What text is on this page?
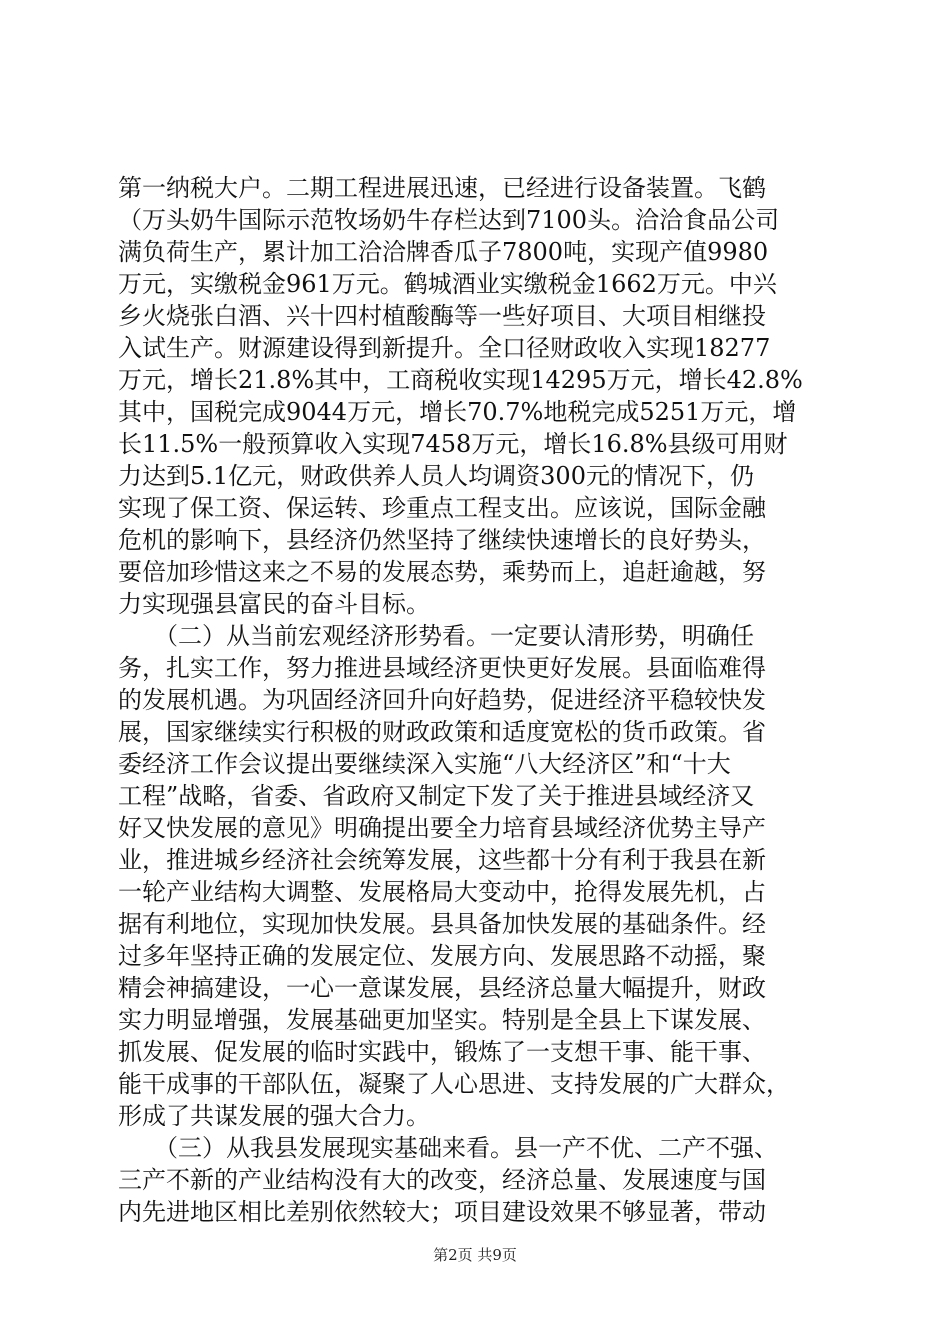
第一纳税大户。二期工程进展迅速，已经进行设备装置。飞鹤
（万头奶牛国际示范牧场奶牛存栏达到7100头。洽洽食品公司
满负荷生产，累计加工洽洽牌香瓜子7800吨，实现产值9980
万元，实缴税金961万元。鹤城酒业实缴税金1662万元。中兴
乡火烧张白酒、兴十四村植酸酶等一些好项目、大项目相继投
入试生产。财源建设得到新提升。全口径财政收入实现18277
万元，增长21.8%其中，工商税收实现14295万元，增长42.8%
其中，国税完成9044万元，增长70.7%地税完成5251万元，增
长11.5%一般预算收入实现7458万元，增长16.8%县级可用财
力达到5.1亿元，财政供养人员人均调资300元的情况下，仍
实现了保工资、保运转、珍重点工程支出。应该说，国际金融
危机的影响下，县经济仍然坚持了继续快速增长的良好势头，
要倍加珍惜这来之不易的发展态势，乘势而上，追赶逾越，努
力实现强县富民的奋斗目标。
　　（二）从当前宏观经济形势看。一定要认清形势，明确任
务，扎实工作，努力推进县域经济更快更好发展。县面临难得
的发展机遇。为巩固经济回升向好趋势，促进经济平稳较快发
展，国家继续实行积极的财政政策和适度宽松的货币政策。省
委经济工作会议提出要继续深入实施“八大经济区”和“十大
工程”战略，省委、省政府又制定下发了关于推进县域经济又
好又快发展的意见》明确提出要全力培育县域经济优势主导产
业，推进城乡经济社会统筹发展，这些都十分有利于我县在新
一轮产业结构大调整、发展格局大变动中，抢得发展先机，占
据有利地位，实现加快发展。县具备加快发展的基础条件。经
过多年坚持正确的发展定位、发展方向、发展思路不动摇，聚
精会神搞建设，一心一意谋发展，县经济总量大幅提升，财政
实力明显增强，发展基础更加坚实。特别是全县上下谋发展、
抓发展、促发展的临时实践中，锻炼了一支想干事、能干事、
能干成事的干部队伍，凝聚了人心思进、支持发展的广大群众，
形成了共谋发展的强大合力。
　　（三）从我县发展现实基础来看。县一产不优、二产不强、
三产不新的产业结构没有大的改变，经济总量、发展速度与国
内先进地区相比差别依然较大；项目建设效果不够显著，带动
第2页 共9页
